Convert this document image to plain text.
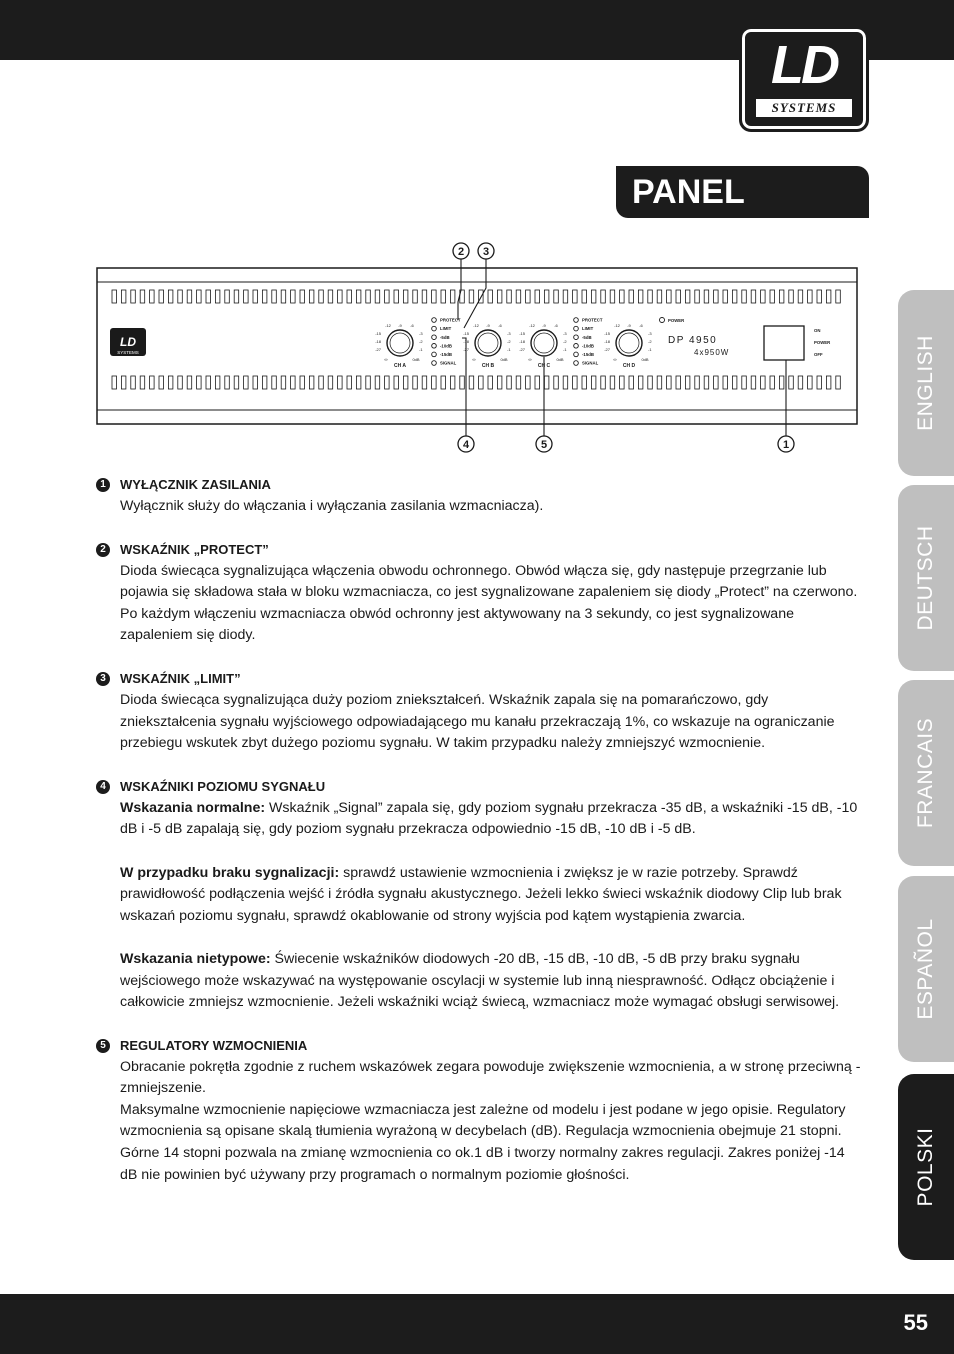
LD
SYSTEMS
PANEL PRZEDNI:
ENGLISH
DEUTSCH
FRANCAIS
ESPAÑOL
POLSKI
LD
SYSTEMS
-12 -9 -6
-15
-18
-27
-3
-2
-1
∞	0dB
CH A
-12 -9 -6
-15
-18
-27
-3
-2
-1
∞	0dB
CH B
-12 -9 -6
-15
-18
-27
-3
-2
-1
∞	0dB
CH C
-12 -9 -6
-15
-18
-27
-3
-2
-1
∞	0dB
CH D
PROTECT
LIMIT
-5dB
-10dB
-15dB
SIGNAL
PROTECT
LIMIT
-5dB
-10dB
-15dB
SIGNAL
POWER
DP 4950
4x950W
ON
POWER
OFF
2 3
4	5	1
1	WYŁĄCZNIK ZASILANIA

Wyłącznik służy do włączania i wyłączania zasilania wzmacniacza).

2	WSKAŹNIK „PROTECT”

Dioda świecąca sygnalizująca włączenia obwodu ochronnego. Obwód włącza się, gdy następuje przegrzanie lub pojawia się składowa stała w bloku wzmacniacza, co jest sygnalizowane zapaleniem się diody „Protect” na czerwono. Po każdym włączeniu wzmacniacza obwód ochronny jest aktywowany na 3 sekundy, co jest sygnalizowane zapaleniem się diody.

3	WSKAŹNIK „LIMIT”

Dioda świecąca sygnalizująca duży poziom zniekształceń. Wskaźnik zapala się na pomarańczowo, gdy zniekształcenia sygnału wyjściowego odpowiadającego mu kanału przekraczają 1%, co wskazuje na ograniczanie przebiegu wskutek zbyt dużego poziomu sygnału. W takim przypadku należy zmniejszyć wzmocnienie.

4	WSKAŹNIKI POZIOMU SYGNAŁU

Wskazania normalne: Wskaźnik „Signal” zapala się, gdy poziom sygnału przekracza -35 dB, a wskaźniki -15 dB, -10 dB i -5 dB zapalają się, gdy poziom sygnału przekracza odpowiednio -15 dB, -10 dB i -5 dB.

W przypadku braku sygnalizacji: sprawdź ustawienie wzmocnienia i zwiększ je w razie potrzeby. Sprawdź prawidłowość podłączenia wejść i źródła sygnału akustycznego. Jeżeli lekko świeci wskaźnik diodowy Clip lub brak wskazań poziomu sygnału, sprawdź okablowanie od strony wyjścia pod kątem wystąpienia zwarcia.

Wskazania nietypowe: Świecenie wskaźników diodowych -20 dB, -15 dB, -10 dB, -5 dB przy braku sygnału wejściowego może wskazywać na występowanie oscylacji w systemie lub inną niesprawność. Odłącz obciążenie i całkowicie zmniejsz wzmocnienie. Jeżeli wskaźniki wciąż świecą, wzmacniacz może wymagać obsługi serwisowej.

5	REGULATORY WZMOCNIENIA

Obracanie pokrętła zgodnie z ruchem wskazówek zegara powoduje zwiększenie wzmocnienia, a w stronę przeciwną - zmniejszenie.

Maksymalne wzmocnienie napięciowe wzmacniacza jest zależne od modelu i jest podane w jego opisie. Regulatory wzmocnienia są opisane skalą tłumienia wyrażoną w decybelach (dB). Regulacja wzmocnienia obejmuje 21 stopni. Górne 14 stopni pozwala na zmianę wzmocnienia co ok.1 dB i tworzy normalny zakres regulacji. Zakres poniżej -14 dB nie powinien być używany przy programach o normalnym poziomie głośności.

55
